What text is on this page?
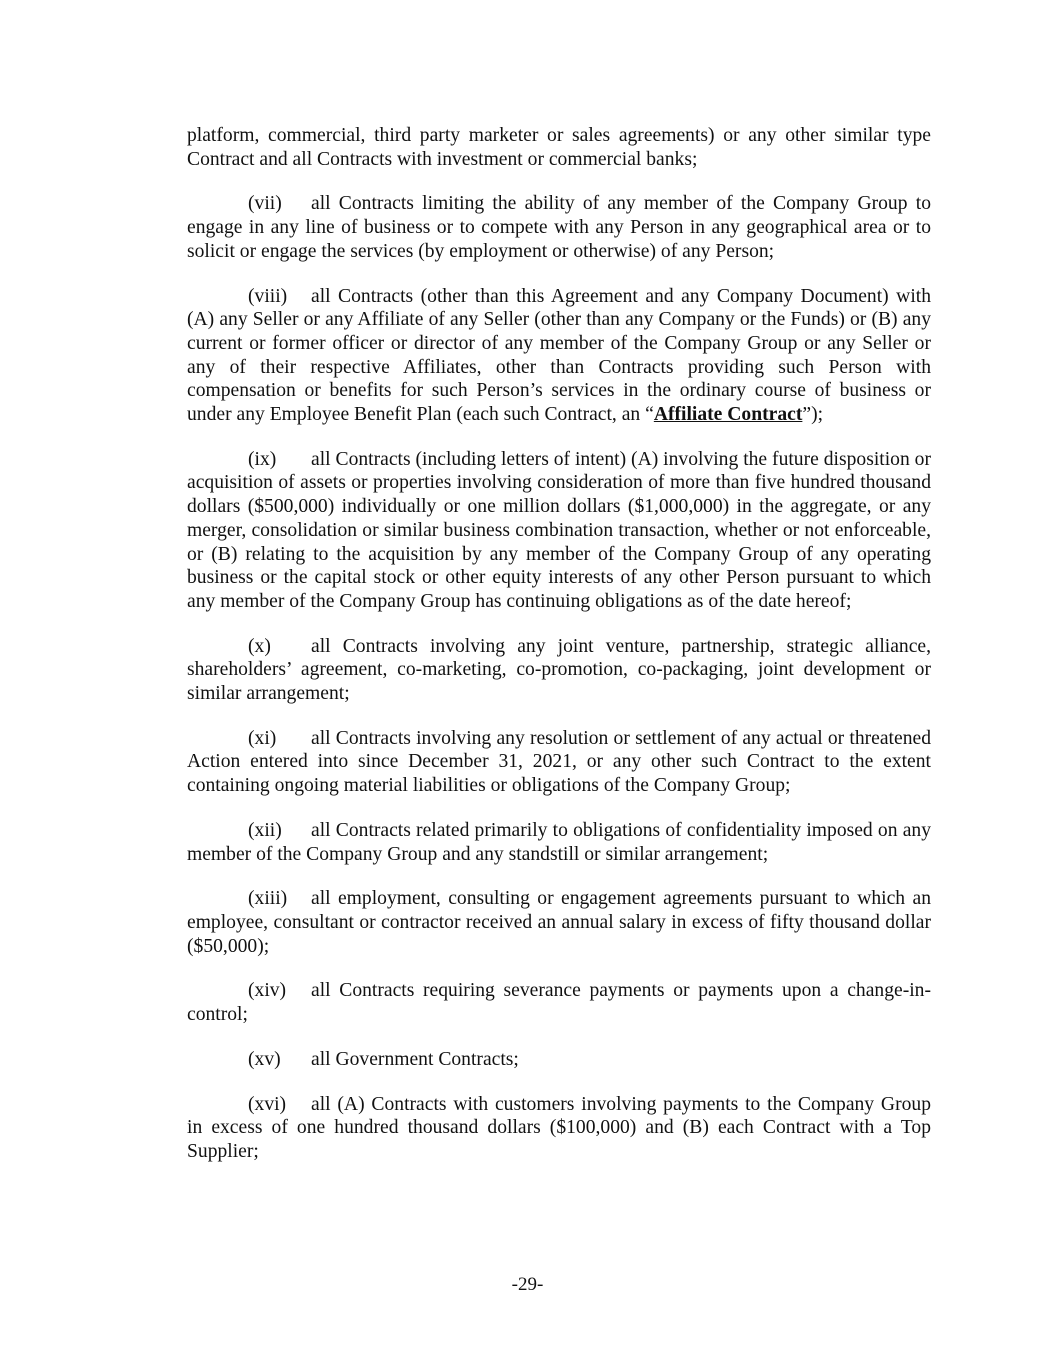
platform, commercial, third party marketer or sales agreements) or any other similar type Contract and all Contracts with investment or commercial banks;

(vii) all Contracts limiting the ability of any member of the Company Group to engage in any line of business or to compete with any Person in any geographical area or to solicit or engage the services (by employment or otherwise) of any Person;

(viii) all Contracts (other than this Agreement and any Company Document) with (A) any Seller or any Affiliate of any Seller (other than any Company or the Funds) or (B) any current or former officer or director of any member of the Company Group or any Seller or any of their respective Affiliates, other than Contracts providing such Person with compensation or benefits for such Person’s services in the ordinary course of business or under any Employee Benefit Plan (each such Contract, an “Affiliate Contract”);

(ix) all Contracts (including letters of intent) (A) involving the future disposition or acquisition of assets or properties involving consideration of more than five hundred thousand dollars ($500,000) individually or one million dollars ($1,000,000) in the aggregate, or any merger, consolidation or similar business combination transaction, whether or not enforceable, or (B) relating to the acquisition by any member of the Company Group of any operating business or the capital stock or other equity interests of any other Person pursuant to which any member of the Company Group has continuing obligations as of the date hereof;

(x) all Contracts involving any joint venture, partnership, strategic alliance, shareholders’ agreement, co-marketing, co-promotion, co-packaging, joint development or similar arrangement;

(xi) all Contracts involving any resolution or settlement of any actual or threatened Action entered into since December 31, 2021, or any other such Contract to the extent containing ongoing material liabilities or obligations of the Company Group;

(xii) all Contracts related primarily to obligations of confidentiality imposed on any member of the Company Group and any standstill or similar arrangement;

(xiii) all employment, consulting or engagement agreements pursuant to which an employee, consultant or contractor received an annual salary in excess of fifty thousand dollar ($50,000);

(xiv) all Contracts requiring severance payments or payments upon a change-in-control;

(xv) all Government Contracts;

(xvi) all (A) Contracts with customers involving payments to the Company Group in excess of one hundred thousand dollars ($100,000) and (B) each Contract with a Top Supplier;

-29-
